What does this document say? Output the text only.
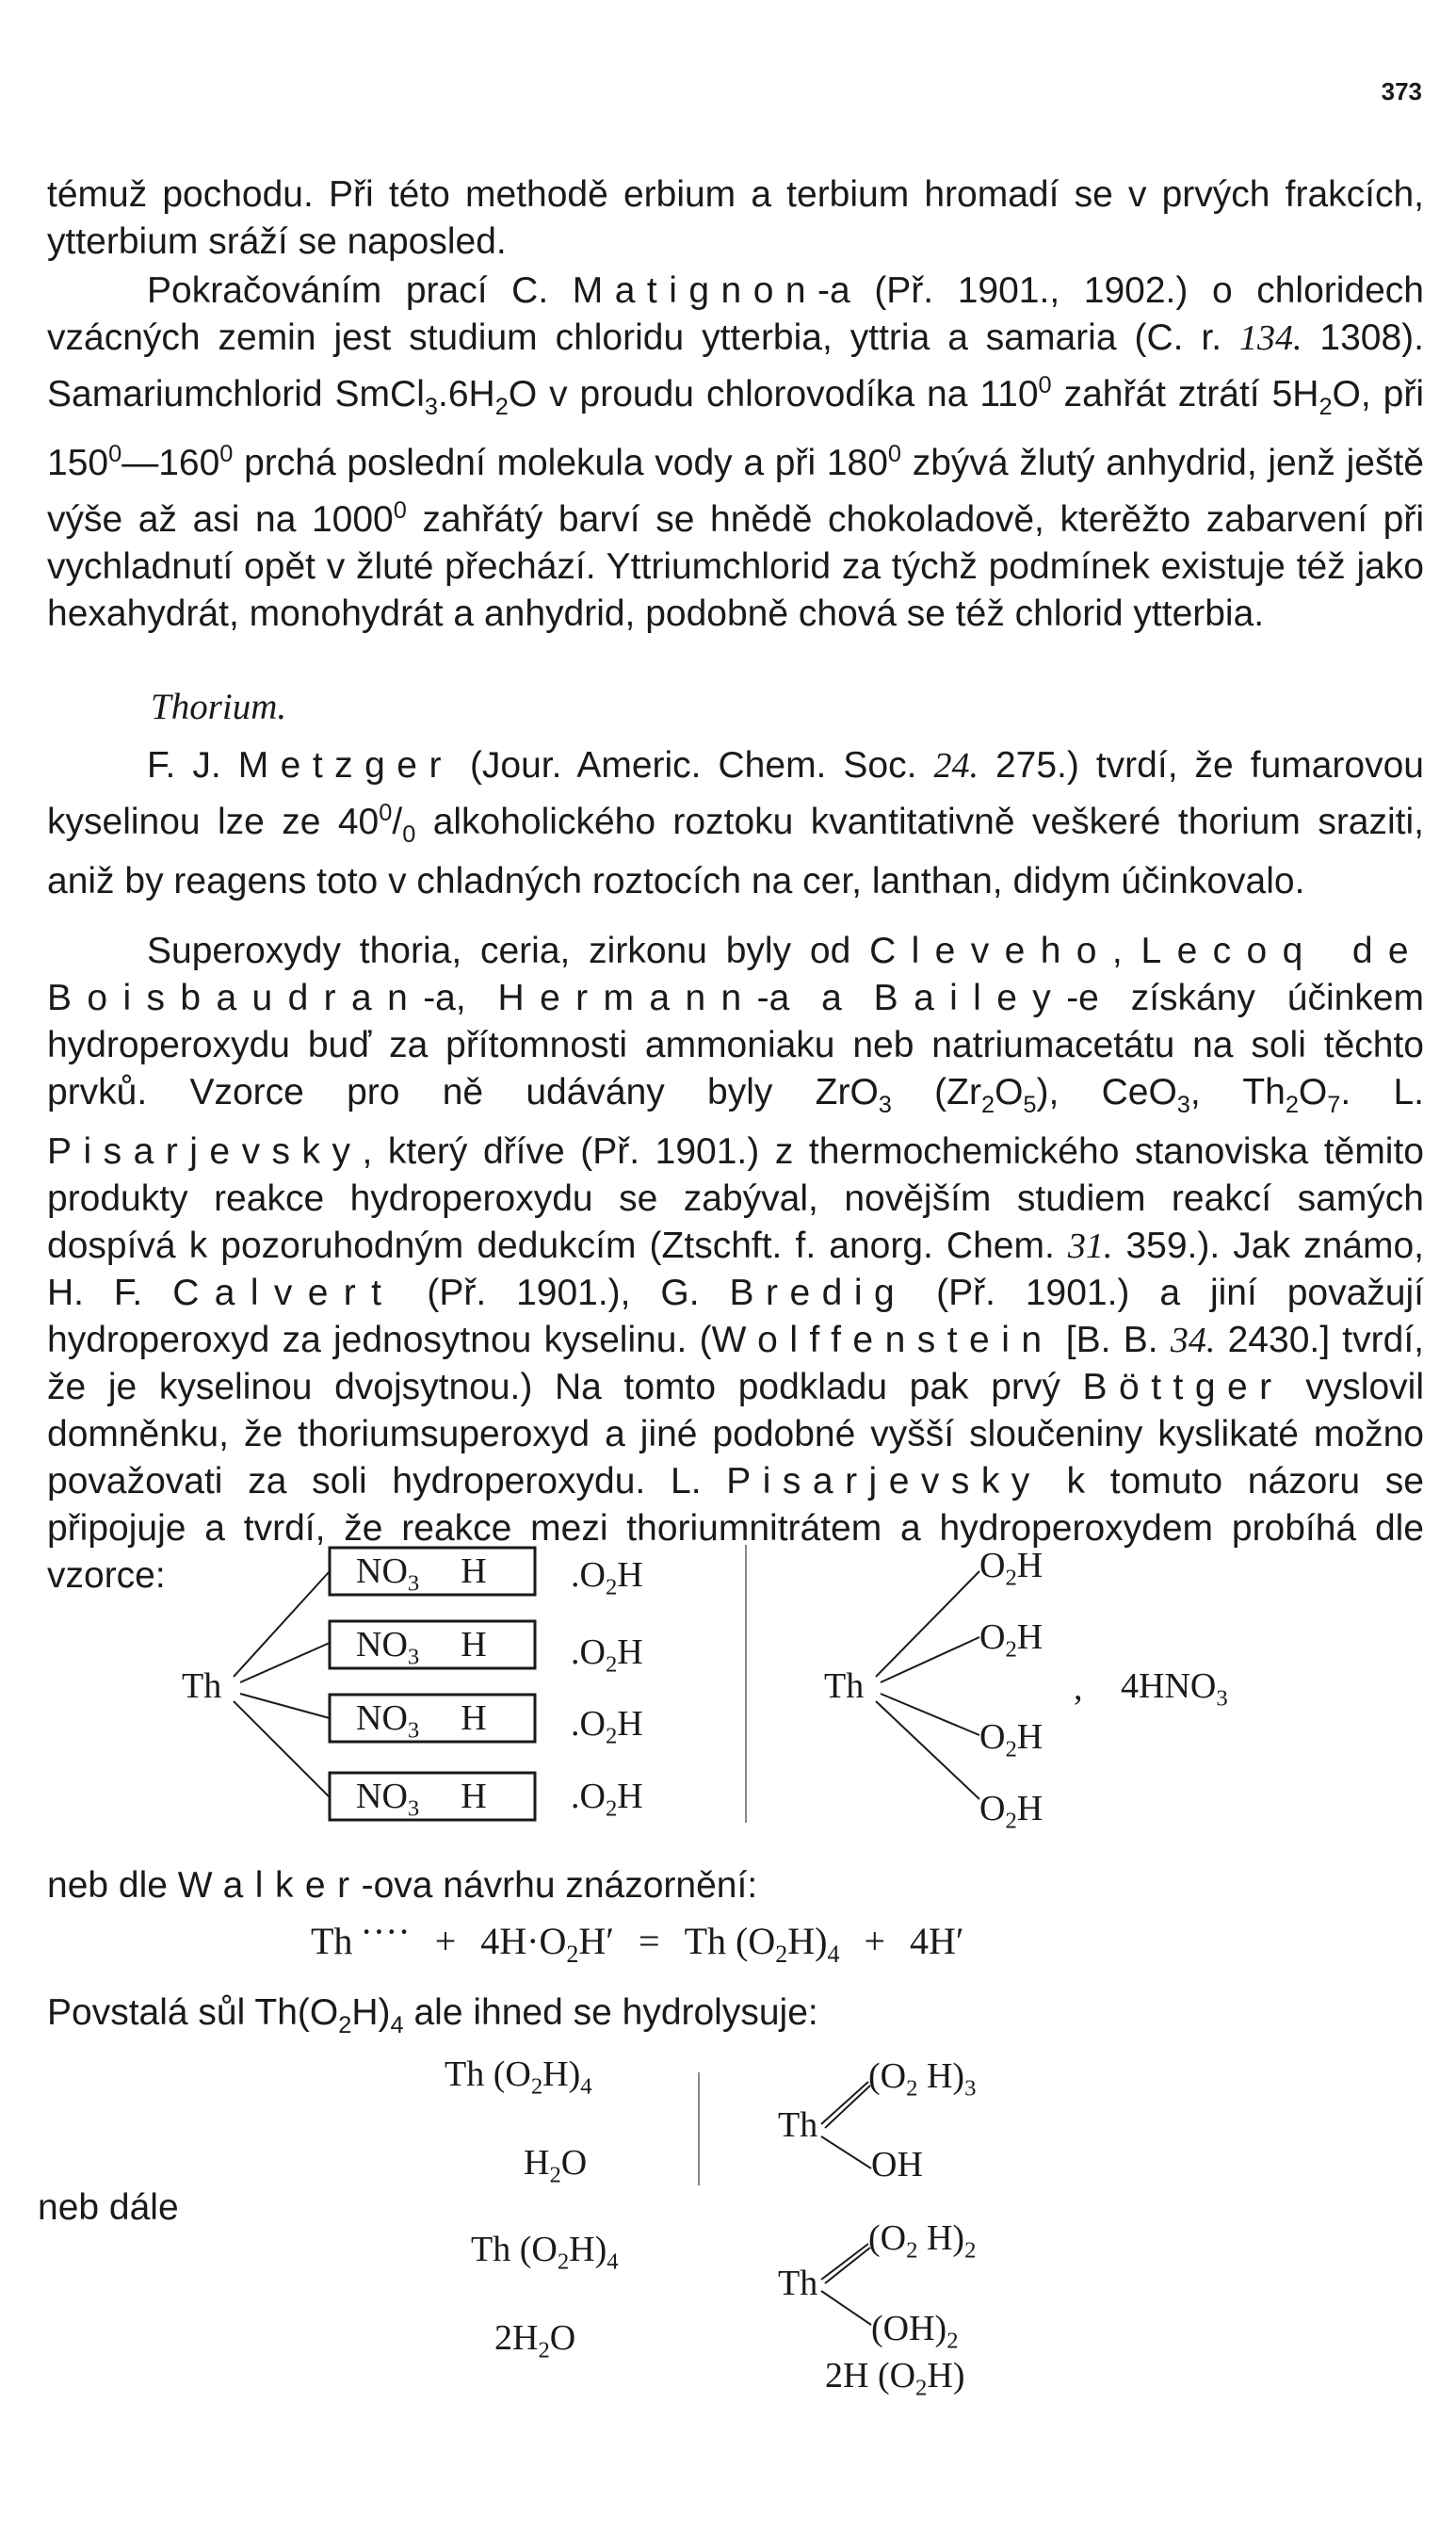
373

témuž pochodu. Při této methodě erbium a terbium hromadí se v prvých frakcích, ytterbium sráží se naposled.

Pokračováním prací C. Matignon-a (Př. 1901., 1902.) o chloridech vzácných zemin jest studium chloridu ytterbia, yttria a samaria (C. r. 134. 1308). Samariumchlorid $SmCl_3.6H_2O$ v proudu chlorovodíka na $110^0$ zahřát ztrátí $5H_2O$, při $150^0—160^0$ prchá poslední molekula vody a při $180^0$ zbývá žlutý anhydrid, jenž ještě výše až asi na 1000$^0$ zahřátý barví se hnědě chokoladově, kterěžto zabarvení při vychladnutí opět v žluté přechází. Yttriumchlorid za týchž podmínek existuje též jako hexahydrát, monohydrát a anhydrid, podobně chová se též chlorid ytterbia.

Thorium.

F. J. Metzger (Jour. Americ. Chem. Soc. 24. 275.) tvrdí, že fumarovou kyselinou lze ze $40^0/_0$ alkoholického roztoku kvantitativně veškeré thorium sraziti, aniž by reagens toto v chladných roztocích na cer, lanthan, didym účinkovalo.

Superoxydy thoria, ceria, zirkonu byly od Cleveho, Lecoq de Boisbaudran-a, Hermann-a a Bailey-e získány účinkem hydroperoxydu buď za přítomnosti ammoniaku neb natriumacetátu na soli těchto prvků. Vzorce pro ně udávány byly ZrO$_3$ $(Zr_2O_5)$, CeO$_3$, $Th_2O_7$. L. Pisarjevsky, který dříve (Př. 1901.) z thermochemického stanoviska těmito produkty reakce hydroperoxydu se zabýval, novějším studiem reakcí samých dospívá k pozoruhodným dedukcím (Ztschft. f. anorg. Chem. 31. 359.). Jak známo, H. F. Calvert (Př. 1901.), G. Bredig (Př. 1901.) a jiní považují hydroperoxyd za jednosytnou kyselinu. (Wolffenstein [B. B. 34. 2430.] tvrdí, že je kyselinou dvojsytnou.) Na tomto podkladu pak prvý Böttger vyslovil domněnku, že thoriumsuperoxyd a jiné podobné vyšší sloučeniny kyslikaté možno považovati za soli hydroperoxydu. L. Pisarjevsky k tomuto názoru se připojuje a tvrdí, že reakce mezi thoriumnitrátem a hydroperoxydem probíhá dle vzorce:

Th
$NO_3$ H
$NO_3$ H
$NO_3$ H
$NO_3$ H
$.O_2H$
$.O_2H$
$.O_2H$
$.O_2H$
Th
$O_2H$
$O_2H$
$O_2H$
$O_2H$
, $4HNO_3$

neb dle Walker-ova návrhu znázornění:

Th ···· + $4H\cdot O_2H' = Th$ $(O_2H)_4 + 4H'$

Povstalá sůl $Th(O_2H)_4$ ale ihned se hydrolysuje:

neb dále
Th $(O_2H)_4$
$H_2O$
Th $(O_2H)_4$
$2H_2O$
Th
($O_2$ $H)_3$
OH
Th
($O_2$ $H)_2$
$(OH)_2$
2H $(O_2H)$
